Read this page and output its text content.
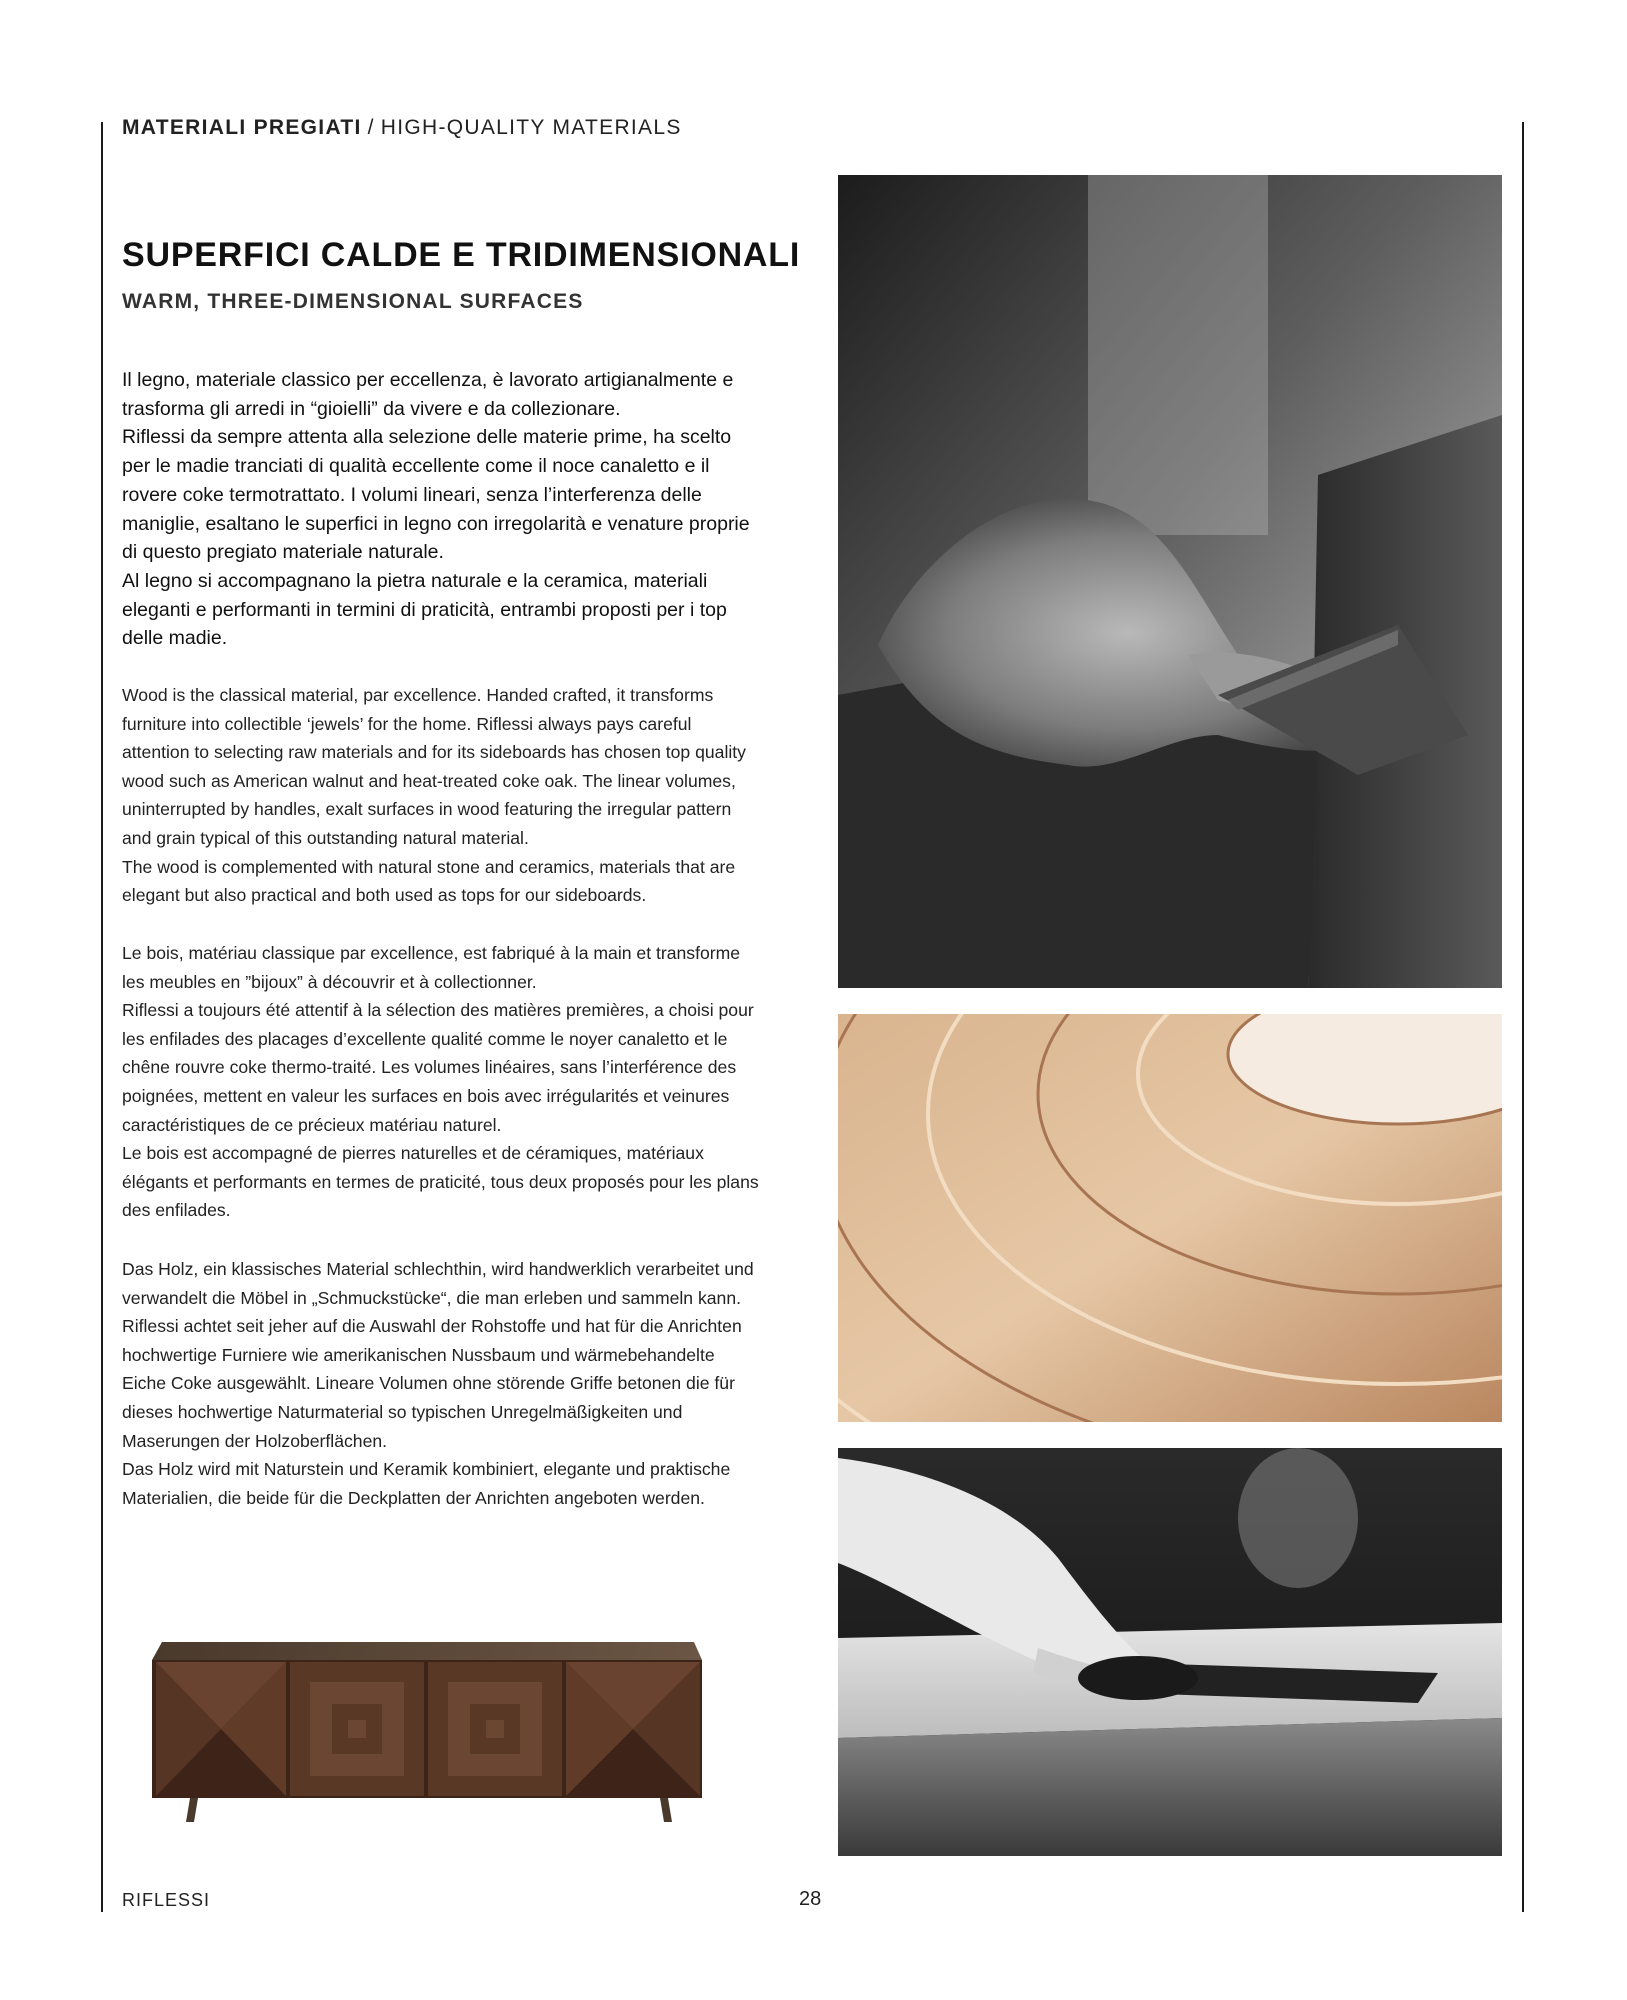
MATERIALI PREGIATI / HIGH-QUALITY MATERIALS
SUPERFICI CALDE E TRIDIMENSIONALI
WARM, THREE-DIMENSIONAL SURFACES

Il legno, materiale classico per eccellenza, è lavorato artigianalmente e trasforma gli arredi in “gioielli” da vivere e da collezionare.

Riflessi da sempre attenta alla selezione delle materie prime, ha scelto per le madie tranciati di qualità eccellente come il noce canaletto e il rovere coke termotrattato. I volumi lineari, senza l’interferenza delle maniglie, esaltano le superfici in legno con irregolarità e venature proprie di questo pregiato materiale naturale.

Al legno si accompagnano la pietra naturale e la ceramica, materiali eleganti e performanti in termini di praticità, entrambi proposti per i top delle madie.

Wood is the classical material, par excellence. Handed crafted, it transforms furniture into collectible ‘jewels’ for the home. Riflessi always pays careful attention to selecting raw materials and for its sideboards has chosen top quality wood such as American walnut and heat-treated coke oak. The linear volumes, uninterrupted by handles, exalt surfaces in wood featuring the irregular pattern and grain typical of this outstanding natural material.

The wood is complemented with natural stone and ceramics, materials that are elegant but also practical and both used as tops for our sideboards.

Le bois, matériau classique par excellence, est fabriqué à la main et transforme les meubles en ”bijoux” à découvrir et à collectionner.

Riflessi a toujours été attentif à la sélection des matières premières, a choisi pour les enfilades des placages d’excellente qualité comme le noyer canaletto et le chêne rouvre coke thermo-traité. Les volumes linéaires, sans l’interférence des poignées, mettent en valeur les surfaces en bois avec irrégularités et veinures caractéristiques de ce précieux matériau naturel.

Le bois est accompagné de pierres naturelles et de céramiques, matériaux élégants et performants en termes de praticité, tous deux proposés pour les plans des enfilades.

Das Holz, ein klassisches Material schlechthin, wird handwerklich verarbeitet und verwandelt die Möbel in „Schmuckstücke“, die man erleben und sammeln kann. Riflessi achtet seit jeher auf die Auswahl der Rohstoffe und hat für die Anrichten hochwertige Furniere wie amerikanischen Nussbaum und wärmebehandelte Eiche Coke ausgewählt. Lineare Volumen ohne störende Griffe betonen die für dieses hochwertige Naturmaterial so typischen Unregelmäßigkeiten und Maserungen der Holzoberflächen.

Das Holz wird mit Naturstein und Keramik kombiniert, elegante und praktische Materialien, die beide für die Deckplatten der Anrichten angeboten werden.

RIFLESSI	28
